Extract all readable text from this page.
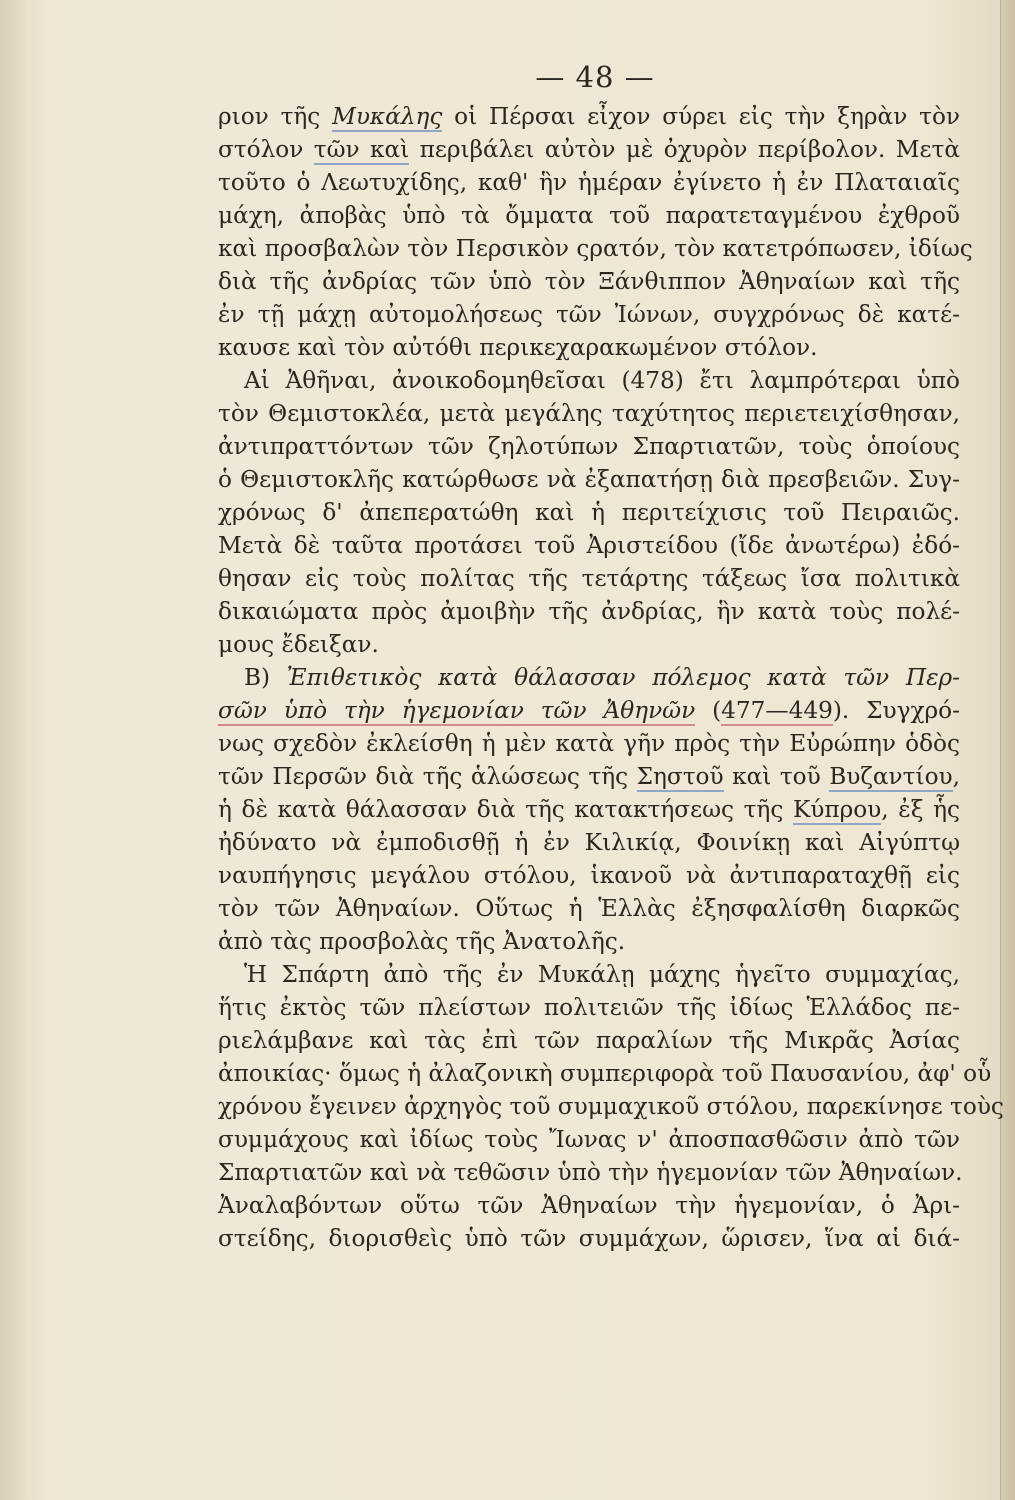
— 48 —
ριον τῆς Μυκάλης οἱ Πέρσαι εἶχον σύρει εἰς τὴν ξηρὰν τὸν
στόλον τῶν καὶ περιβάλει αὐτὸν μὲ ὀχυρὸν περίβολον. Μετὰ
τοῦτο ὁ Λεωτυχίδης, καθ' ἣν ἡμέραν ἐγίνετο ἡ ἐν Πλαταιαῖς
μάχη, ἀποβὰς ὑπὸ τὰ ὄμματα τοῦ παρατεταγμένου ἐχθροῦ
καὶ προσβαλὼν τὸν Περσικὸν ςρατόν, τὸν κατετρόπωσεν, ἰδίως
διὰ τῆς ἀνδρίας τῶν ὑπὸ τὸν Ξάνθιππον Ἀθηναίων καὶ τῆς
ἐν τῇ μάχῃ αὐτομολήσεως τῶν Ἰώνων, συγχρόνως δὲ κατέ-
καυσε καὶ τὸν αὐτόθι περικεχαρακωμένον στόλον.
Αἱ Ἀθῆναι, ἀνοικοδομηθεῖσαι (478) ἔτι λαμπρότεραι ὑπὸ
τὸν Θεμιστοκλέα, μετὰ μεγάλης ταχύτητος περιετειχίσθησαν,
ἀντιπραττόντων τῶν ζηλοτύπων Σπαρτιατῶν, τοὺς ὁποίους
ὁ Θεμιστοκλῆς κατώρθωσε νὰ ἐξαπατήσῃ διὰ πρεσβειῶν. Συγ-
χρόνως δ' ἀπεπερατώθη καὶ ἡ περιτείχισις τοῦ Πειραιῶς.
Μετὰ δὲ ταῦτα προτάσει τοῦ Ἀριστείδου (ἴδε ἀνωτέρω) ἐδό-
θησαν εἰς τοὺς πολίτας τῆς τετάρτης τάξεως ἴσα πολιτικὰ
δικαιώματα πρὸς ἀμοιβὴν τῆς ἀνδρίας, ἣν κατὰ τοὺς πολέ-
μους ἔδειξαν.
Β) Ἐπιθετικὸς κατὰ θάλασσαν πόλεμος κατὰ τῶν Περ-
σῶν ὑπὸ τὴν ἡγεμονίαν τῶν Ἀθηνῶν (477—449). Συγχρό-
νως σχεδὸν ἐκλείσθη ἡ μὲν κατὰ γῆν πρὸς τὴν Εὐρώπην ὁδὸς
τῶν Περσῶν διὰ τῆς ἁλώσεως τῆς Σηστοῦ καὶ τοῦ Βυζαντίου,
ἡ δὲ κατὰ θάλασσαν διὰ τῆς κατακτήσεως τῆς Κύπρου, ἐξ ἧς
ἠδύνατο νὰ ἐμποδισθῇ ἡ ἐν Κιλικίᾳ, Φοινίκῃ καὶ Αἰγύπτῳ
ναυπήγησις μεγάλου στόλου, ἱκανοῦ νὰ ἀντιπαραταχθῇ εἰς
τὸν τῶν Ἀθηναίων. Οὕτως ἡ Ἑλλὰς ἐξησφαλίσθη διαρκῶς
ἀπὸ τὰς προσβολὰς τῆς Ἀνατολῆς.
Ἡ Σπάρτη ἀπὸ τῆς ἐν Μυκάλῃ μάχης ἡγεῖτο συμμαχίας,
ἥτις ἐκτὸς τῶν πλείστων πολιτειῶν τῆς ἰδίως Ἑλλάδος πε-
ριελάμβανε καὶ τὰς ἐπὶ τῶν παραλίων τῆς Μικρᾶς Ἀσίας
ἀποικίας· ὅμως ἡ ἀλαζονικὴ συμπεριφορὰ τοῦ Παυσανίου, ἀφ' οὗ
χρόνου ἔγεινεν ἀρχηγὸς τοῦ συμμαχικοῦ στόλου, παρεκίνησε τοὺς
συμμάχους καὶ ἰδίως τοὺς Ἴωνας ν' ἀποσπασθῶσιν ἀπὸ τῶν
Σπαρτιατῶν καὶ νὰ τεθῶσιν ὑπὸ τὴν ἡγεμονίαν τῶν Ἀθηναίων.
Ἀναλαβόντων οὕτω τῶν Ἀθηναίων τὴν ἡγεμονίαν, ὁ Ἀρι-
στείδης, διορισθεὶς ὑπὸ τῶν συμμάχων, ὥρισεν, ἵνα αἱ διά-
